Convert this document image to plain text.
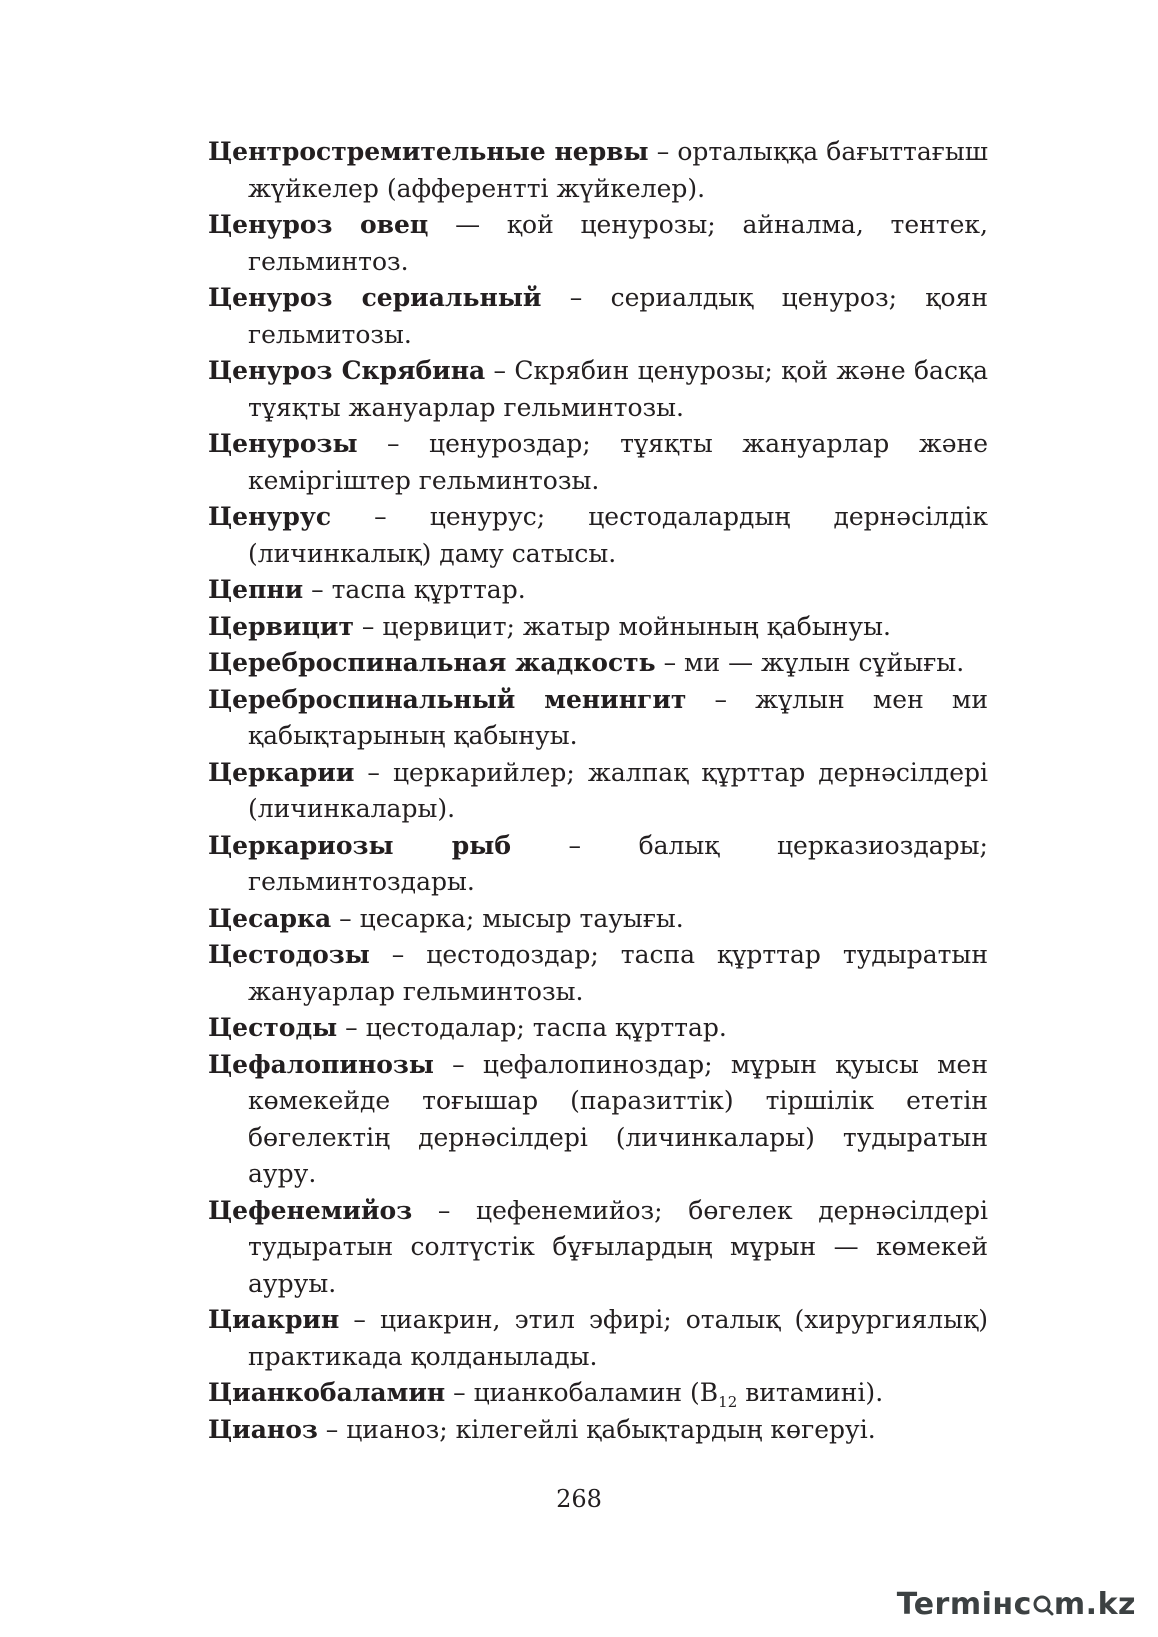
Центростремительные нервы – орталыққа бағыттағыш жүйкелер (афферентті жүйкелер).

Ценуроз овец — қой ценурозы; айналма, тентек, гельминтоз.

Ценуроз сериальный – сериалдық ценуроз; қоян гельмитозы.

Ценуроз Скрябина – Скрябин ценурозы; қой және басқа тұяқты жануарлар гельминтозы.

Ценурозы – ценуроздар; тұяқты жануарлар және кеміргіштер гельминтозы.

Ценурус – ценурус; цестодалардың дернәсілдік (личинкалық) даму сатысы.

Цепни – таспа құрттар.

Цервицит – цервицит; жатыр мойнының қабынуы.

Цереброспинальная жадкость – ми — жұлын сұйығы.

Цереброспинальный менингит – жұлын мен ми қабықтарының қабынуы.

Церкарии – церкарийлер; жалпақ құрттар дернәсілдері (личинкалары).

Церкариозы рыб – балық церказиоздары; гельминтоздары.

Цесарка – цесарка; мысыр тауығы.

Цестодозы – цестодоздар; таспа құрттар тудыратын жануарлар гельминтозы.

Цестоды – цестодалар; таспа құрттар.

Цефалопинозы – цефалопиноздар; мұрын қуысы мен көмекейде тоғышар (паразиттік) тіршілік ететін бөгелектің дернәсілдері (личинкалары) тудыратын ауру.

Цефенемийоз – цефенемийоз; бөгелек дернәсілдері тудыратын солтүстік бұғылардың мұрын — көмекей ауруы.

Циакрин – циакрин, этил эфирі; оталық (хирургиялық) практикада қолданылады.

Цианкобаламин – цианкобаламин ($В_{12}$ витамині).

Цианоз – цианоз; кілегейлі қабықтардың көгеруі.

268
Termінc m.kz
